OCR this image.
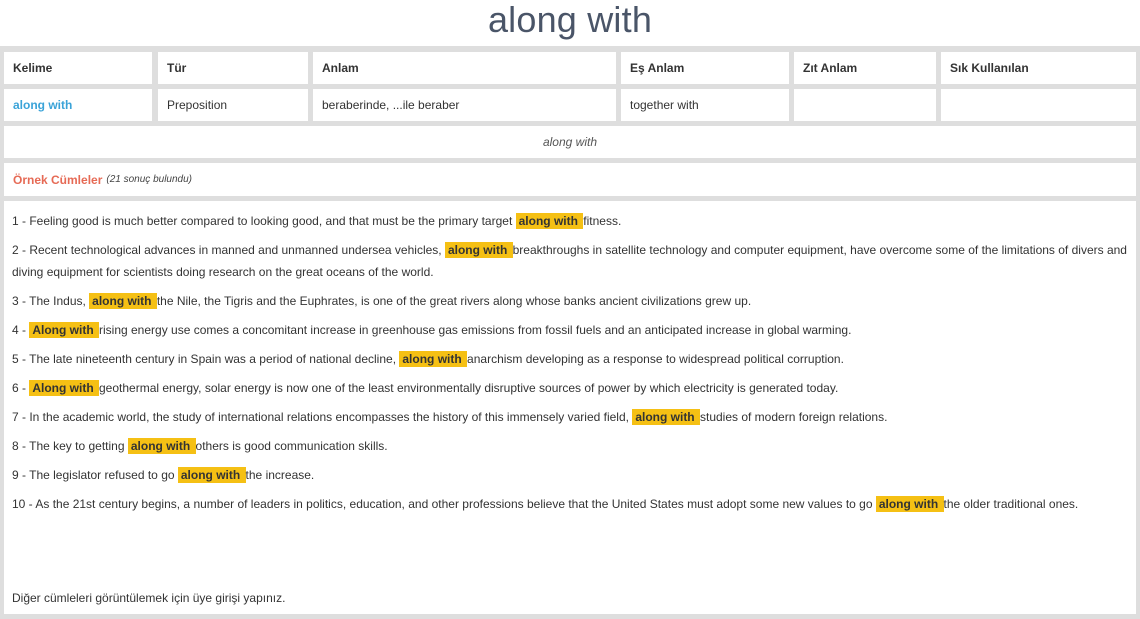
along with
Kelime	Tür	Anlam	Eş Anlam	Zıt Anlam	Sık Kullanılan
along with	Preposition	beraberinde, ...ile beraber	together with
along with
Örnek Cümleler (21 sonuç bulundu)
1 - Feeling good is much better compared to looking good, and that must be the primary target along with fitness.
2 - Recent technological advances in manned and unmanned undersea vehicles, along with breakthroughs in satellite technology and computer equipment, have overcome some of the limitations of divers and diving equipment for scientists doing research on the great oceans of the world.
3 - The Indus, along with the Nile, the Tigris and the Euphrates, is one of the great rivers along whose banks ancient civilizations grew up.
4 - Along with rising energy use comes a concomitant increase in greenhouse gas emissions from fossil fuels and an anticipated increase in global warming.
5 - The late nineteenth century in Spain was a period of national decline, along with anarchism developing as a response to widespread political corruption.
6 - Along with geothermal energy, solar energy is now one of the least environmentally disruptive sources of power by which electricity is generated today.
7 - In the academic world, the study of international relations encompasses the history of this immensely varied field, along with studies of modern foreign relations.
8 - The key to getting along with others is good communication skills.
9 - The legislator refused to go along with the increase.
10 - As the 21st century begins, a number of leaders in politics, education, and other professions believe that the United States must adopt some new values to go along with the older traditional ones.
Diğer cümleleri görüntülemek için üye girişi yapınız.
